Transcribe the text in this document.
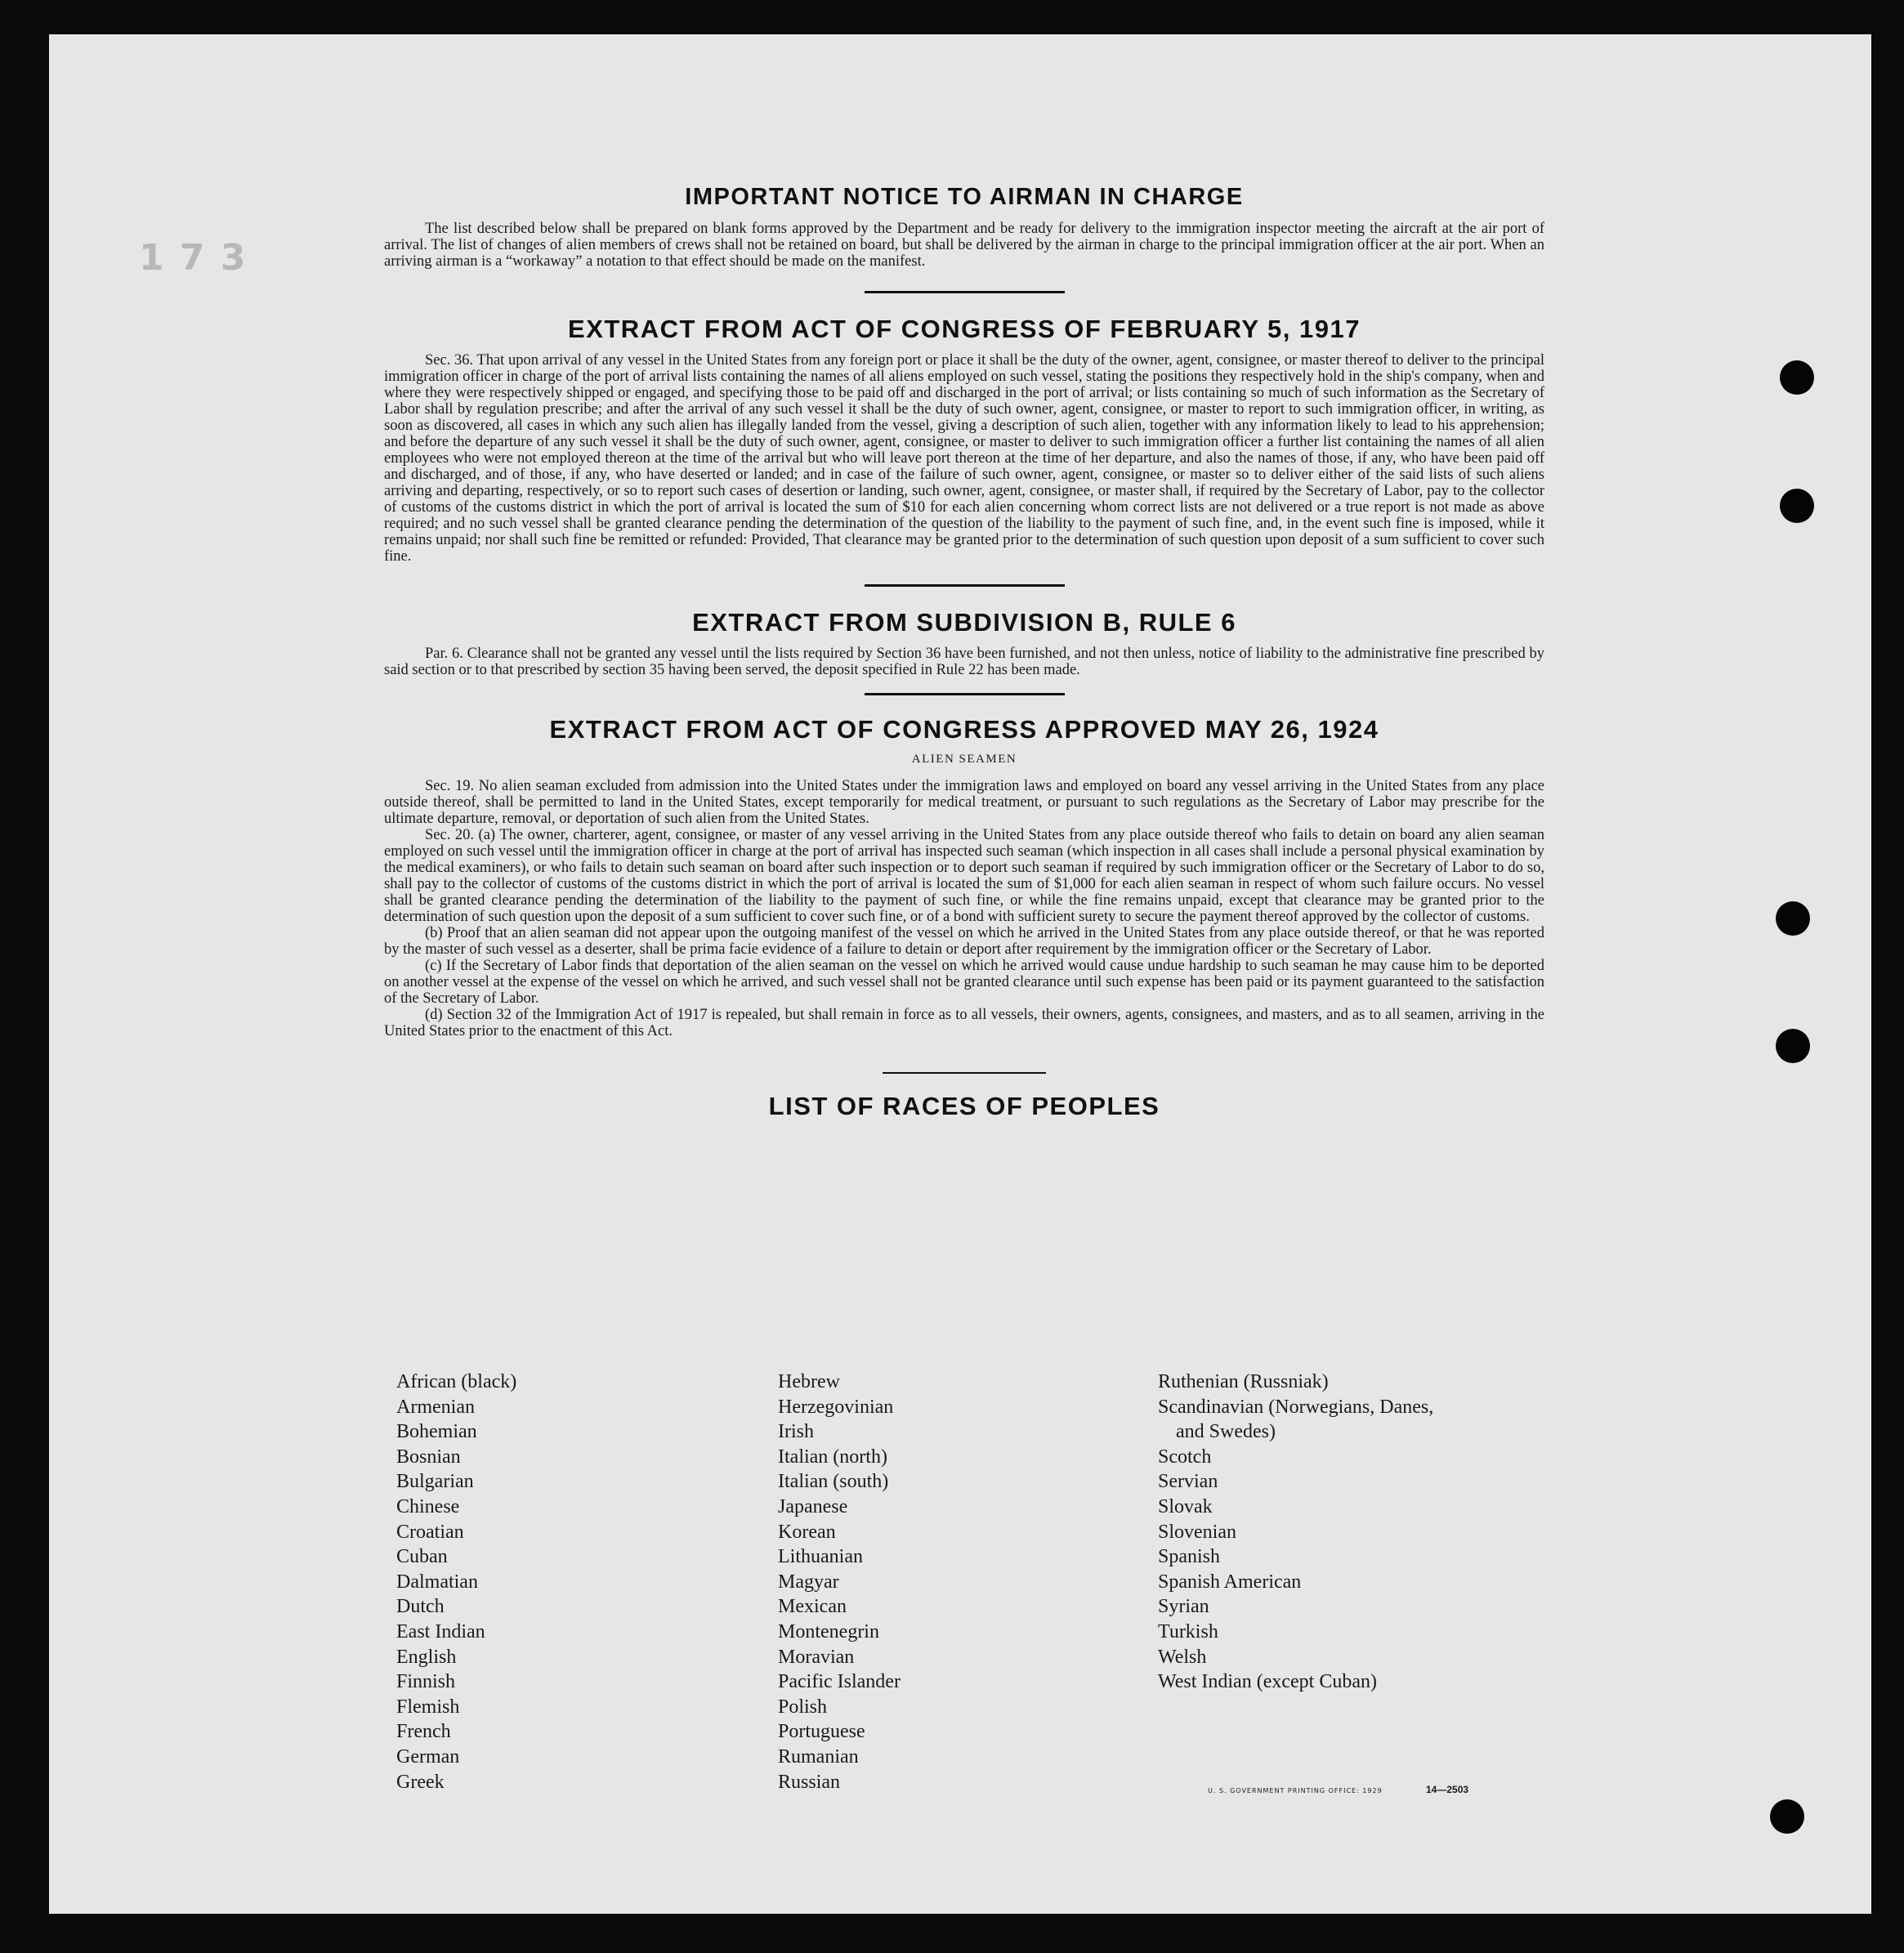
1 7 3
IMPORTANT NOTICE TO AIRMAN IN CHARGE

The list described below shall be prepared on blank forms approved by the Department and be ready for delivery to the immigration inspector meeting the aircraft at the air port of arrival. The list of changes of alien members of crews shall not be retained on board, but shall be delivered by the airman in charge to the principal immigration officer at the air port. When an arriving airman is a “workaway” a notation to that effect should be made on the manifest.

EXTRACT FROM ACT OF CONGRESS OF FEBRUARY 5, 1917

Sec. 36. That upon arrival of any vessel in the United States from any foreign port or place it shall be the duty of the owner, agent, consignee, or master thereof to deliver to the principal immigration officer in charge of the port of arrival lists containing the names of all aliens employed on such vessel, stating the positions they respectively hold in the ship's company, when and where they were respectively shipped or engaged, and specifying those to be paid off and discharged in the port of arrival; or lists containing so much of such information as the Secretary of Labor shall by regulation prescribe; and after the arrival of any such vessel it shall be the duty of such owner, agent, consignee, or master to report to such immigration officer, in writing, as soon as discovered, all cases in which any such alien has illegally landed from the vessel, giving a description of such alien, together with any information likely to lead to his apprehension; and before the departure of any such vessel it shall be the duty of such owner, agent, consignee, or master to deliver to such immigration officer a further list containing the names of all alien employees who were not employed thereon at the time of the arrival but who will leave port thereon at the time of her departure, and also the names of those, if any, who have been paid off and discharged, and of those, if any, who have deserted or landed; and in case of the failure of such owner, agent, consignee, or master so to deliver either of the said lists of such aliens arriving and departing, respectively, or so to report such cases of desertion or landing, such owner, agent, consignee, or master shall, if required by the Secretary of Labor, pay to the collector of customs of the customs district in which the port of arrival is located the sum of $10 for each alien concerning whom correct lists are not delivered or a true report is not made as above required; and no such vessel shall be granted clearance pending the determination of the question of the liability to the payment of such fine, and, in the event such fine is imposed, while it remains unpaid; nor shall such fine be remitted or refunded: Provided, That clearance may be granted prior to the determination of such question upon deposit of a sum sufficient to cover such fine.

EXTRACT FROM SUBDIVISION B, RULE 6

Par. 6. Clearance shall not be granted any vessel until the lists required by Section 36 have been furnished, and not then unless, notice of liability to the administrative fine prescribed by said section or to that prescribed by section 35 having been served, the deposit specified in Rule 22 has been made.

EXTRACT FROM ACT OF CONGRESS APPROVED MAY 26, 1924
ALIEN SEAMEN

Sec. 19. No alien seaman excluded from admission into the United States under the immigration laws and employed on board any vessel arriving in the United States from any place outside thereof, shall be permitted to land in the United States, except temporarily for medical treatment, or pursuant to such regulations as the Secretary of Labor may prescribe for the ultimate departure, removal, or deportation of such alien from the United States.

Sec. 20. (a) The owner, charterer, agent, consignee, or master of any vessel arriving in the United States from any place outside thereof who fails to detain on board any alien seaman employed on such vessel until the immigration officer in charge at the port of arrival has inspected such seaman (which inspection in all cases shall include a personal physical examination by the medical examiners), or who fails to detain such seaman on board after such inspection or to deport such seaman if required by such immigration officer or the Secretary of Labor to do so, shall pay to the collector of customs of the customs district in which the port of arrival is located the sum of $1,000 for each alien seaman in respect of whom such failure occurs. No vessel shall be granted clearance pending the determination of the liability to the payment of such fine, or while the fine remains unpaid, except that clearance may be granted prior to the determination of such question upon the deposit of a sum sufficient to cover such fine, or of a bond with sufficient surety to secure the payment thereof approved by the collector of customs.

(b) Proof that an alien seaman did not appear upon the outgoing manifest of the vessel on which he arrived in the United States from any place outside thereof, or that he was reported by the master of such vessel as a deserter, shall be prima facie evidence of a failure to detain or deport after requirement by the immigration officer or the Secretary of Labor.

(c) If the Secretary of Labor finds that deportation of the alien seaman on the vessel on which he arrived would cause undue hardship to such seaman he may cause him to be deported on another vessel at the expense of the vessel on which he arrived, and such vessel shall not be granted clearance until such expense has been paid or its payment guaranteed to the satisfaction of the Secretary of Labor.

(d) Section 32 of the Immigration Act of 1917 is repealed, but shall remain in force as to all vessels, their owners, agents, consignees, and masters, and as to all seamen, arriving in the United States prior to the enactment of this Act.

LIST OF RACES OF PEOPLES
African (black)
Armenian
Bohemian
Bosnian
Bulgarian
Chinese
Croatian
Cuban
Dalmatian
Dutch
East Indian
English
Finnish
Flemish
French
German
Greek
Hebrew
Herzegovinian
Irish
Italian (north)
Italian (south)
Japanese
Korean
Lithuanian
Magyar
Mexican
Montenegrin
Moravian
Pacific Islander
Polish
Portuguese
Rumanian
Russian
Ruthenian (Russniak)
Scandinavian (Norwegians, Danes,
and Swedes)
Scotch
Servian
Slovak
Slovenian
Spanish
Spanish American
Syrian
Turkish
Welsh
West Indian (except Cuban)
U. S. GOVERNMENT PRINTING OFFICE: 1929	14—2503
